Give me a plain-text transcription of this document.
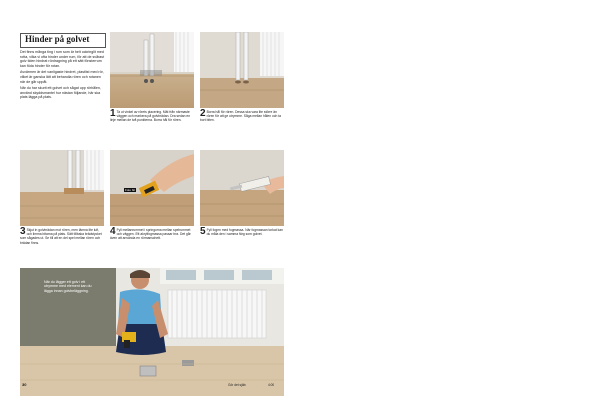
Hinder på golvet

Det finns många ting i rum som är helt ockringlit med rotta, vilka vi ofta hinder under rum, för att de svårast golv tiden hindrat rördragning på ett sätt fönsterrum kan föda hinder för rotan.

Avvärmen är det vanligaste hindret, plastlist med rör, vilket är ganska lätt att behandla rören och rotanen när de går uppåt.

När du har skurit ett golvet och sågat upp rörhålen, använd skyddsmantel hur nästan följande, här ska plats lägga på plats.

1 Ta ut vinkel av rörets placering. Mät från närmaste väggen och markera på golvbrädan. Dra sedan en linje mellan de två punkterna. Borra hål för rören.
2 Borra hål för rören. Dessa ska vara lite större än rören för att ge utrymme. Såga mellan hålen och ta bort biten.
Foto bit
3 Skjut in golvbrädan mot rören, men lämna lite luft, och limma bitarna på plats. Sätt tillbaka brädstycket som sågades ut. Se till att en del spel mellan rören och brädan finns.
4 Fyll mellanrummet i springorna mellan spelrummet och väggen. Ett akrylfogmassa passar bra. Det går även att använda en rörmanschett.
5 Fyll fogen med fogmassa. När fogmassan torkat kan du måla den i samma färg som golvet.
När du lägger ett golv i ett utrymme med element kan du lägga innan golvbeläggning.
30	Gör det själv	4:00
